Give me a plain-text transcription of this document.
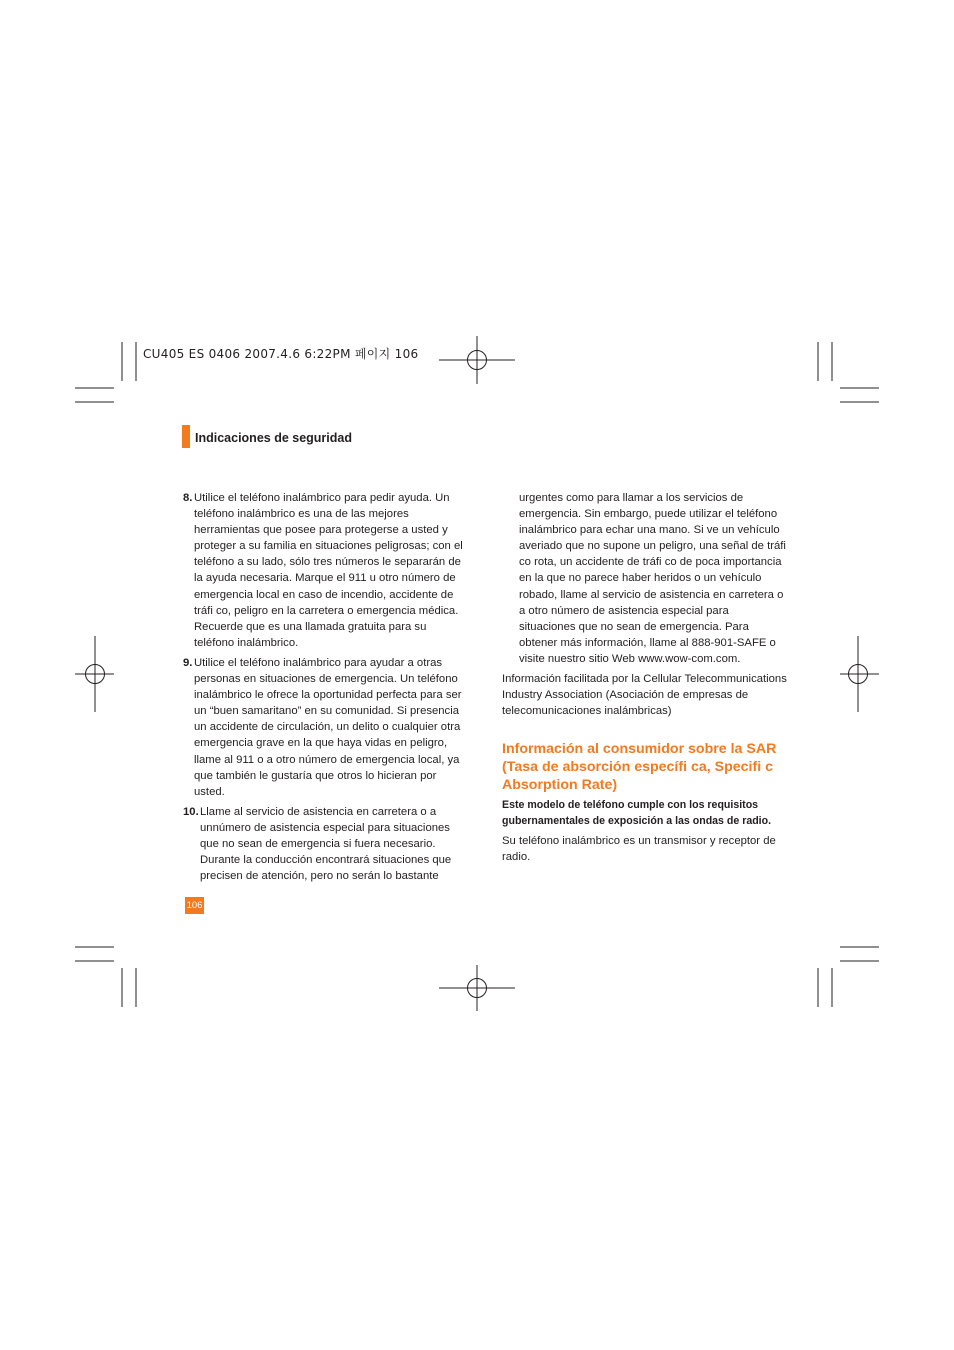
CU405 ES 0406 2007.4.6 6:22PM 페이지 106
Indicaciones de seguridad
8. Utilice el teléfono inalámbrico para pedir ayuda. Un teléfono inalámbrico es una de las mejores herramientas que posee para protegerse a usted y proteger a su familia en situaciones peligrosas; con el teléfono a su lado, sólo tres números le separarán de la ayuda necesaria. Marque el 911 u otro número de emergencia local en caso de incendio, accidente de tráfi co, peligro en la carretera o emergencia médica. Recuerde que es una llamada gratuita para su teléfono inalámbrico.
9. Utilice el teléfono inalámbrico para ayudar a otras personas en situaciones de emergencia. Un teléfono inalámbrico le ofrece la oportunidad perfecta para ser un “buen samaritano” en su comunidad. Si presencia un accidente de circulación, un delito o cualquier otra emergencia grave en la que haya vidas en peligro, llame al 911 o a otro número de emergencia local, ya que también le gustaría que otros lo hicieran por usted.
10. Llame al servicio de asistencia en carretera o a unnúmero de asistencia especial para situaciones que no sean de emergencia si fuera necesario. Durante la conducción encontrará situaciones que precisen de atención, pero no serán lo bastante

urgentes como para llamar a los servicios de emergencia. Sin embargo, puede utilizar el teléfono inalámbrico para echar una mano. Si ve un vehículo averiado que no supone un peligro, una señal de tráfi co rota, un accidente de tráfi co de poca importancia en la que no parece haber heridos o un vehículo robado, llame al servicio de asistencia en carretera o a otro número de asistencia especial para situaciones que no sean de emergencia. Para obtener más información, llame al 888-901-SAFE o visite nuestro sitio Web www.wow-com.com.

Información facilitada por la Cellular Telecommunications Industry Association (Asociación de empresas de telecomunicaciones inalámbricas)

Información al consumidor sobre la SAR (Tasa de absorción específi ca, Specifi c Absorption Rate)

Este modelo de teléfono cumple con los requisitos gubernamentales de exposición a las ondas de radio.

Su teléfono inalámbrico es un transmisor y receptor de radio.

106
